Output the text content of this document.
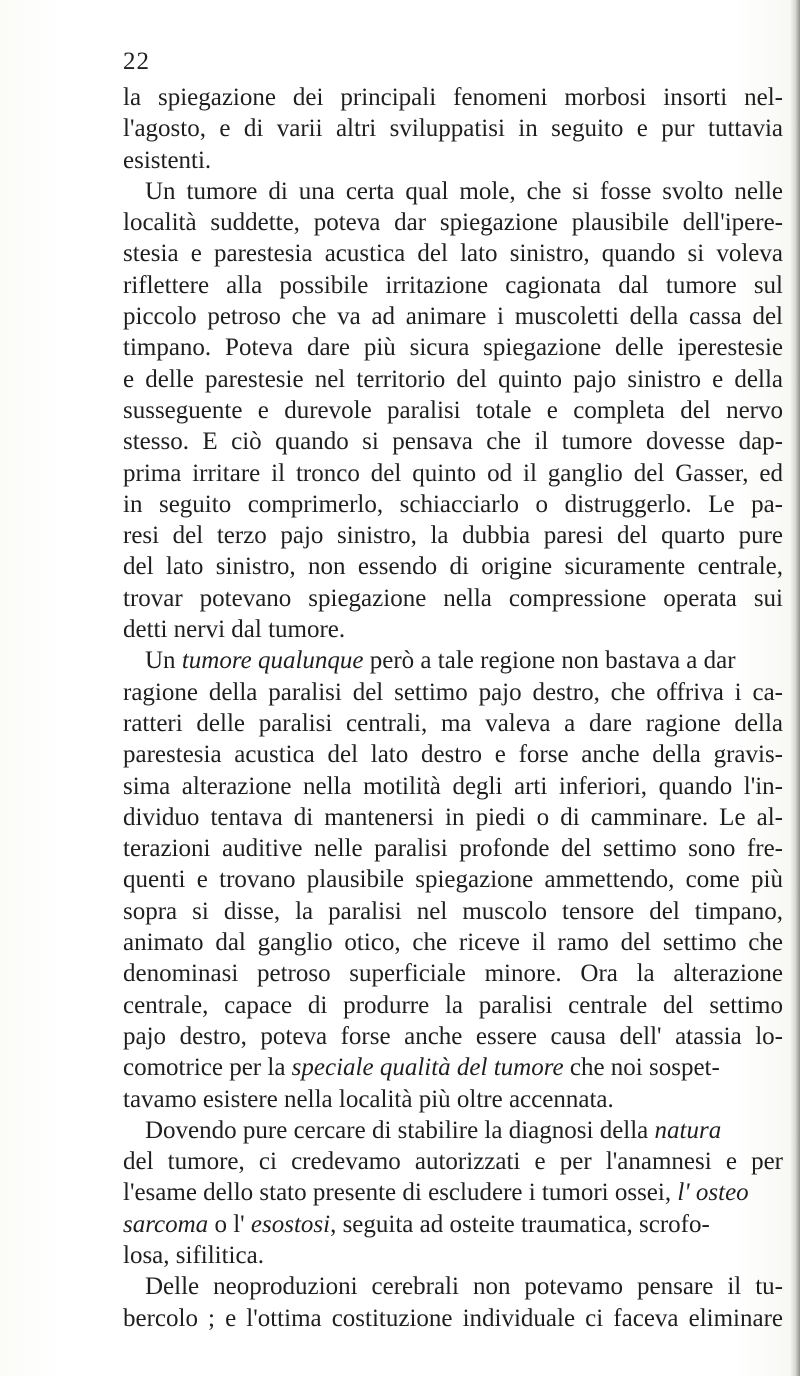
22
la spiegazione dei principali fenomeni morbosi insorti nel-
l'agosto, e di varii altri sviluppatisi in seguito e pur tuttavia
esistenti.
Un tumore di una certa qual mole, che si fosse svolto nelle
località suddette, poteva dar spiegazione plausibile dell'ipere-
stesia e parestesia acustica del lato sinistro, quando si voleva
riflettere alla possibile irritazione cagionata dal tumore sul
piccolo petroso che va ad animare i muscoletti della cassa del
timpano. Poteva dare più sicura spiegazione delle iperestesie
e delle parestesie nel territorio del quinto pajo sinistro e della
susseguente e durevole paralisi totale e completa del nervo
stesso. E ciò quando si pensava che il tumore dovesse dap-
prima irritare il tronco del quinto od il ganglio del Gasser, ed
in seguito comprimerlo, schiacciarlo o distruggerlo. Le pa-
resi del terzo pajo sinistro, la dubbia paresi del quarto pure
del lato sinistro, non essendo di origine sicuramente centrale,
trovar potevano spiegazione nella compressione operata sui
detti nervi dal tumore.
Un tumore qualunque però a tale regione non bastava a dar
ragione della paralisi del settimo pajo destro, che offriva i ca-
ratteri delle paralisi centrali, ma valeva a dare ragione della
parestesia acustica del lato destro e forse anche della gravis-
sima alterazione nella motilità degli arti inferiori, quando l'in-
dividuo tentava di mantenersi in piedi o di camminare. Le al-
terazioni auditive nelle paralisi profonde del settimo sono fre-
quenti e trovano plausibile spiegazione ammettendo, come più
sopra si disse, la paralisi nel muscolo tensore del timpano,
animato dal ganglio otico, che riceve il ramo del settimo che
denominasi petroso superficiale minore. Ora la alterazione
centrale, capace di produrre la paralisi centrale del settimo
pajo destro, poteva forse anche essere causa dell' atassia lo-
comotrice per la speciale qualità del tumore che noi sospet-
tavamo esistere nella località più oltre accennata.
Dovendo pure cercare di stabilire la diagnosi della natura
del tumore, ci credevamo autorizzati e per l'anamnesi e per
l'esame dello stato presente di escludere i tumori ossei, l' osteo
sarcoma o l' esostosi, seguita ad osteite traumatica, scrofo-
losa, sifilitica.
Delle neoproduzioni cerebrali non potevamo pensare il tu-
bercolo ; e l'ottima costituzione individuale ci faceva eliminare
